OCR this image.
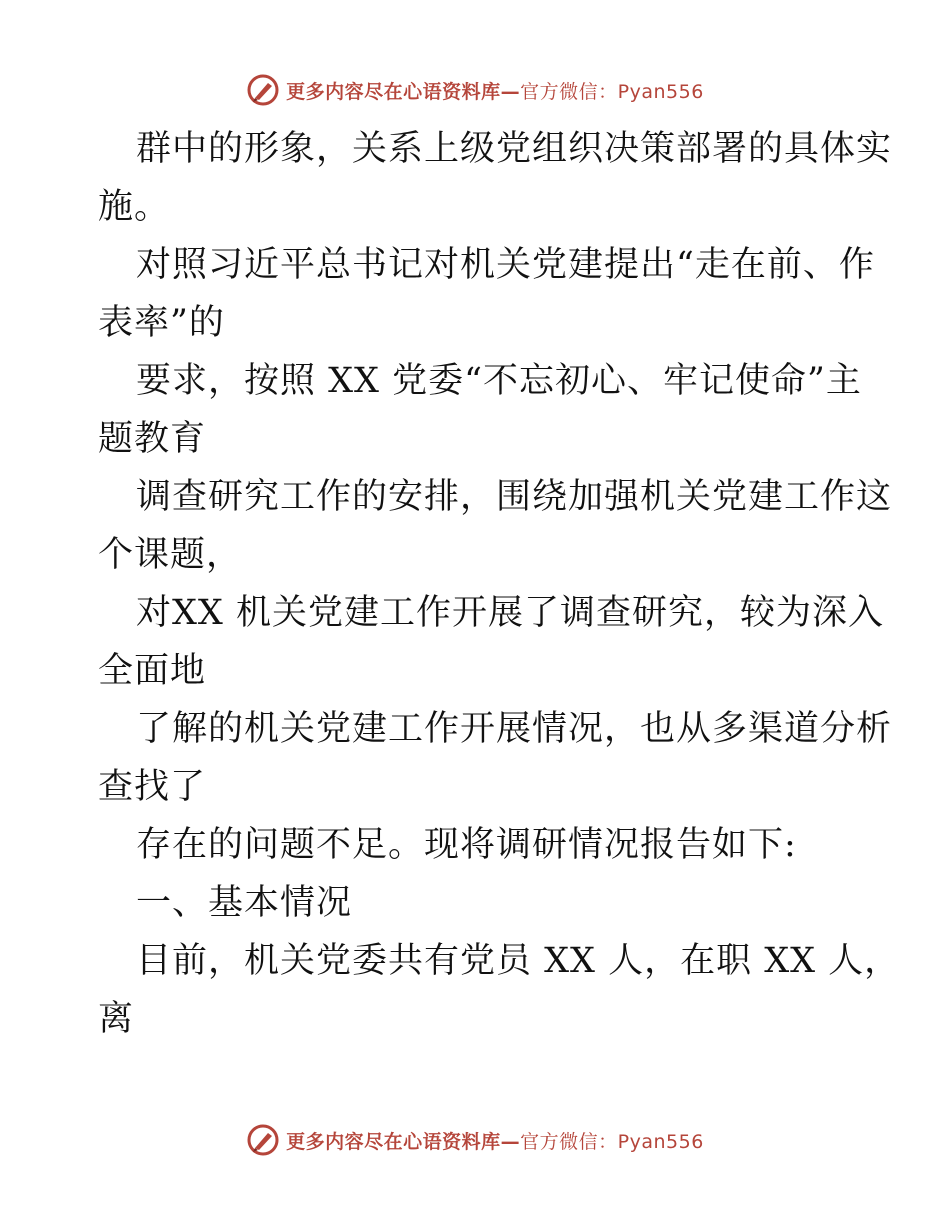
更多内容尽在心语资料库—官方微信：Pyan556
群中的形象，关系上级党组织决策部署的具体实
施。
对照习近平总书记对机关党建提出“走在前、作
表率”的
要求，按照 XX 党委“不忘初心、牢记使命”主
题教育
调查研究工作的安排，围绕加强机关党建工作这
个课题，
对XX 机关党建工作开展了调查研究，较为深入
全面地
了解的机关党建工作开展情况，也从多渠道分析
查找了
存在的问题不足。现将调研情况报告如下:
一、基本情况
目前，机关党委共有党员 XX 人，在职 XX 人，
离
更多内容尽在心语资料库—官方微信：Pyan556
